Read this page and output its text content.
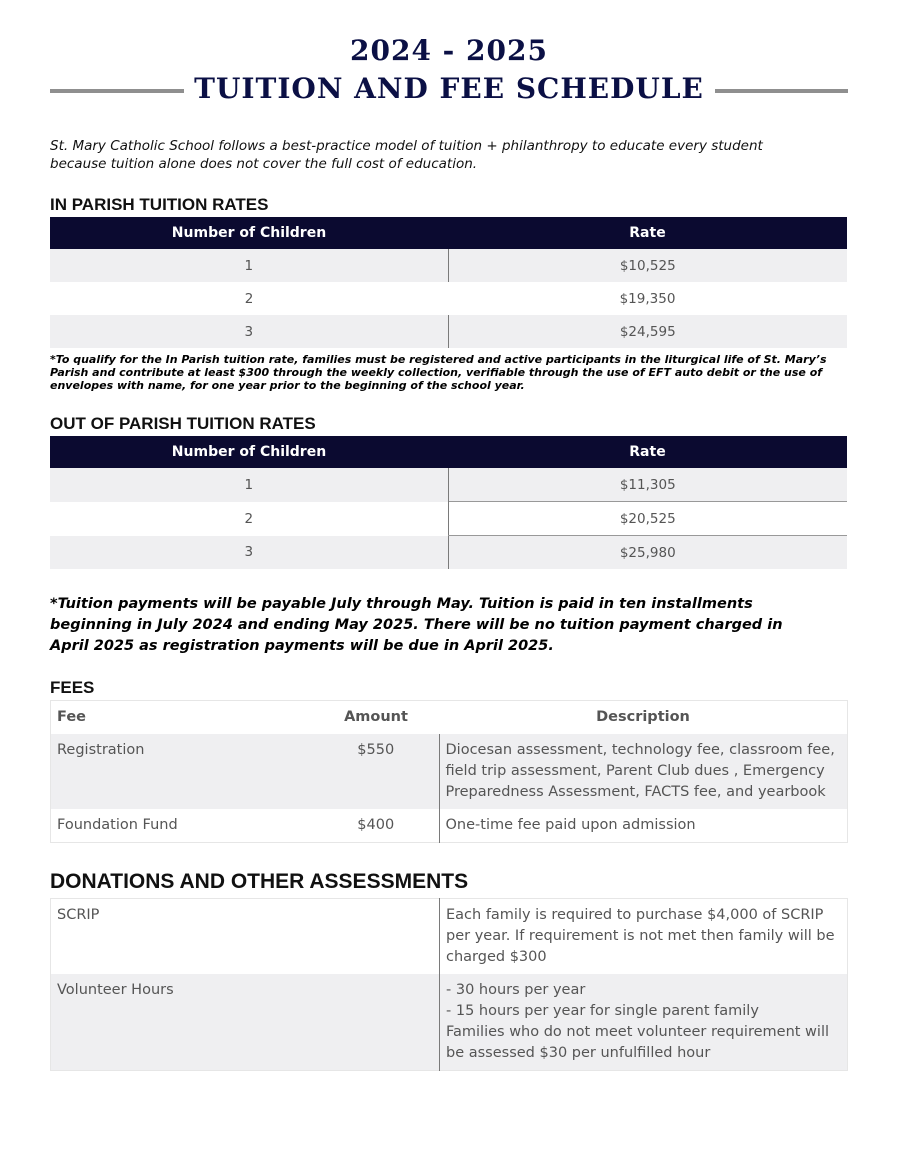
2024 - 2025
TUITION AND FEE SCHEDULE
St. Mary Catholic School follows a best-practice model of tuition + philanthropy to educate every student because tuition alone does not cover the full cost of education.
IN PARISH TUITION RATES
Number of Children	Rate
1	$10,525
2	$19,350
3	$24,595
*To qualify for the In Parish tuition rate, families must be registered and active participants in the liturgical life of St. Mary’s Parish and contribute at least $300 through the weekly collection, verifiable through the use of EFT auto debit or the use of envelopes with name, for one year prior to the beginning of the school year.
OUT OF PARISH TUITION RATES
Number of Children	Rate
1	$11,305
2	$20,525
3	$25,980
*Tuition payments will be payable July through May. Tuition is paid in ten installments beginning in July 2024 and ending May 2025. There will be no tuition payment charged in April 2025 as registration payments will be due in April 2025.
FEES
Fee	Amount	Description
Registration	$550	Diocesan assessment, technology fee, classroom fee, field trip assessment, Parent Club dues , Emergency Preparedness Assessment, FACTS fee, and yearbook
Foundation Fund	$400	One-time fee paid upon admission
DONATIONS AND OTHER ASSESSMENTS
SCRIP	Each family is required to purchase $4,000 of SCRIP per year. If requirement is not met then family will be charged $300
Volunteer Hours	- 30 hours per year
- 15 hours per year for single parent family
Families who do not meet volunteer requirement will be assessed $30 per unfulfilled hour
